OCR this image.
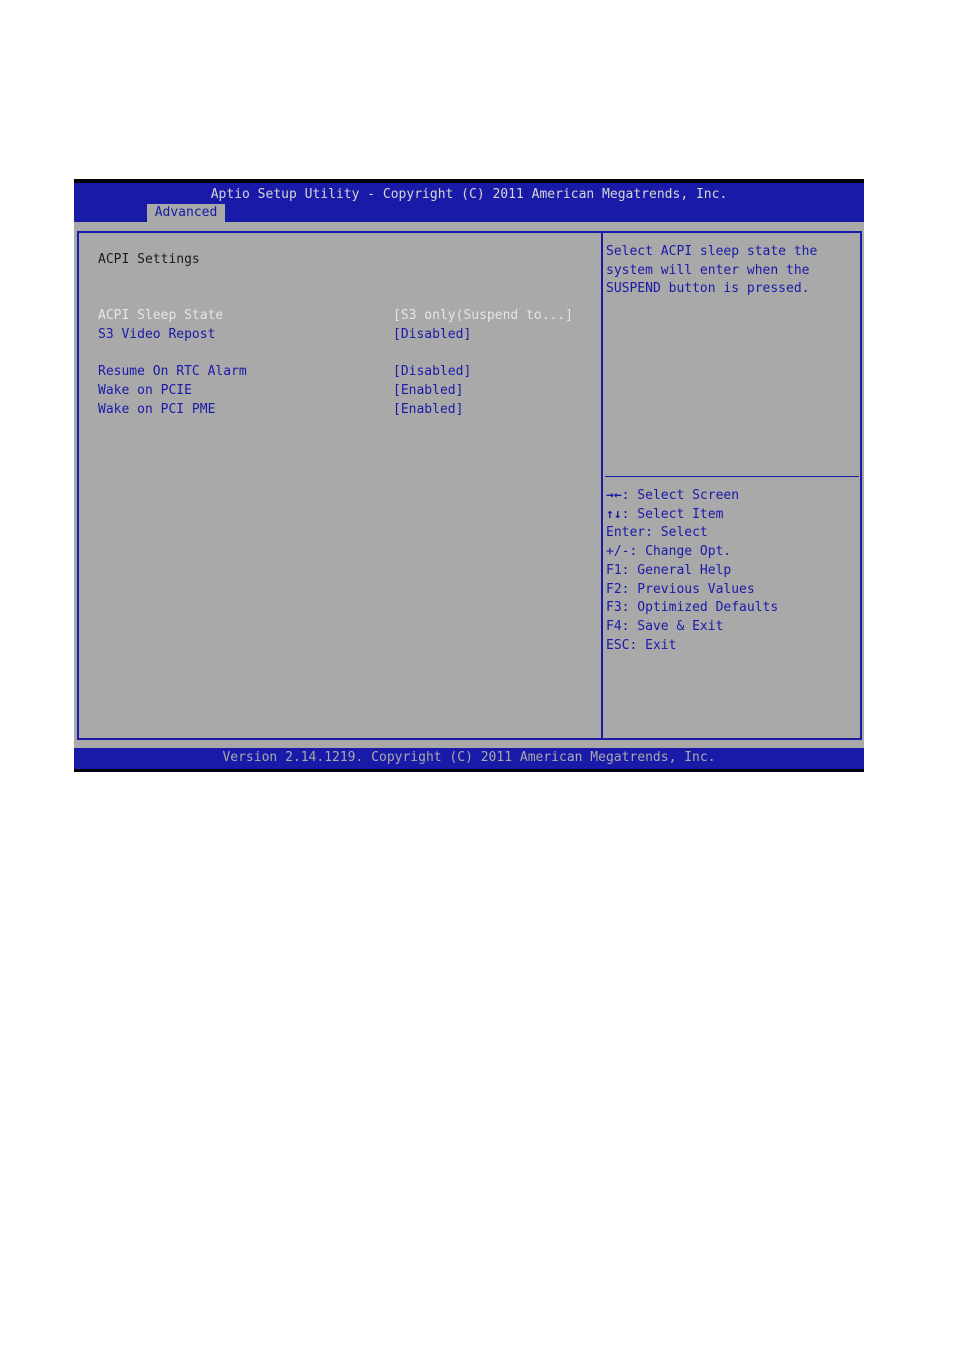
Aptio Setup Utility - Copyright (C) 2011 American Megatrends, Inc.
Advanced
ACPI Settings
ACPI Sleep State	[S3 only(Suspend to...]
S3 Video Repost	[Disabled]
Resume On RTC Alarm	[Disabled]
Wake on PCIE	[Enabled]
Wake on PCI PME	[Enabled]
Select ACPI sleep state the
system will enter when the
SUSPEND button is pressed.
→←: Select Screen
↑↓: Select Item
Enter: Select
+/-: Change Opt.
F1: General Help
F2: Previous Values
F3: Optimized Defaults
F4: Save & Exit
ESC: Exit
Version 2.14.1219. Copyright (C) 2011 American Megatrends, Inc.
